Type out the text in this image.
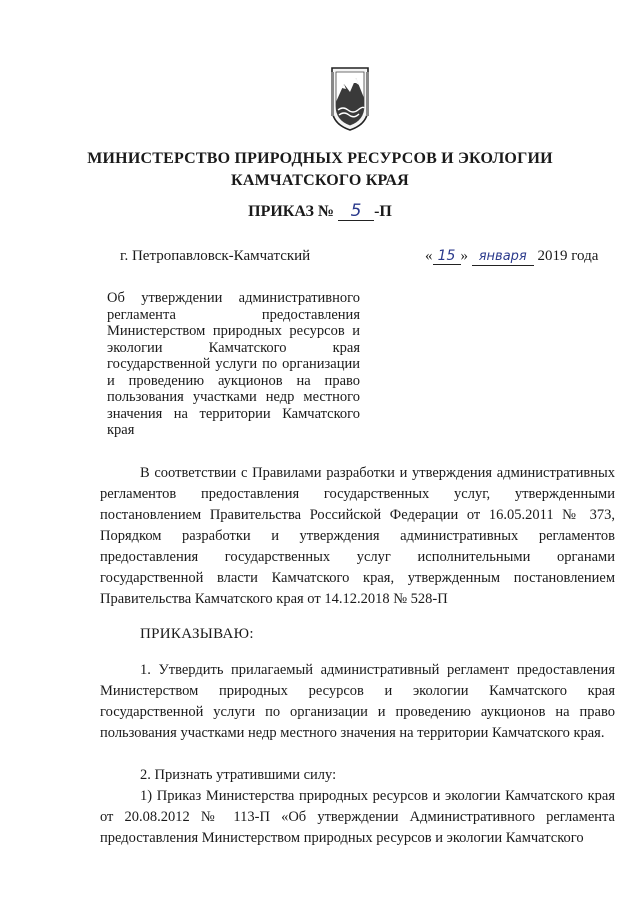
МИНИСТЕРСТВО ПРИРОДНЫХ РЕСУРСОВ И ЭКОЛОГИИ
КАМЧАТСКОГО КРАЯ
ПРИКАЗ № 5 -П
г. Петропавловск-Камчатский	« 15 » января 2019 года
Об утверждении административного регламента предоставления Министерством природных ресурсов и экологии Камчатского края государственной услуги по организации и проведению аукционов на право пользования участками недр местного значения на территории Камчатского края
В соответствии с Правилами разработки и утверждения административных регламентов предоставления государственных услуг, утвержденными постановлением Правительства Российской Федерации от 16.05.2011 № 373, Порядком разработки и утверждения административных регламентов предоставления государственных услуг исполнительными органами государственной власти Камчатского края, утвержденным постановлением Правительства Камчатского края от 14.12.2018 № 528-П
ПРИКАЗЫВАЮ:
1. Утвердить прилагаемый административный регламент предоставления Министерством природных ресурсов и экологии Камчатского края государственной услуги по организации и проведению аукционов на право пользования участками недр местного значения на территории Камчатского края.
2. Признать утратившими силу:
1) Приказ Министерства природных ресурсов и экологии Камчатского края от 20.08.2012 № 113-П «Об утверждении Административного регламента предоставления Министерством природных ресурсов и экологии Камчатского
